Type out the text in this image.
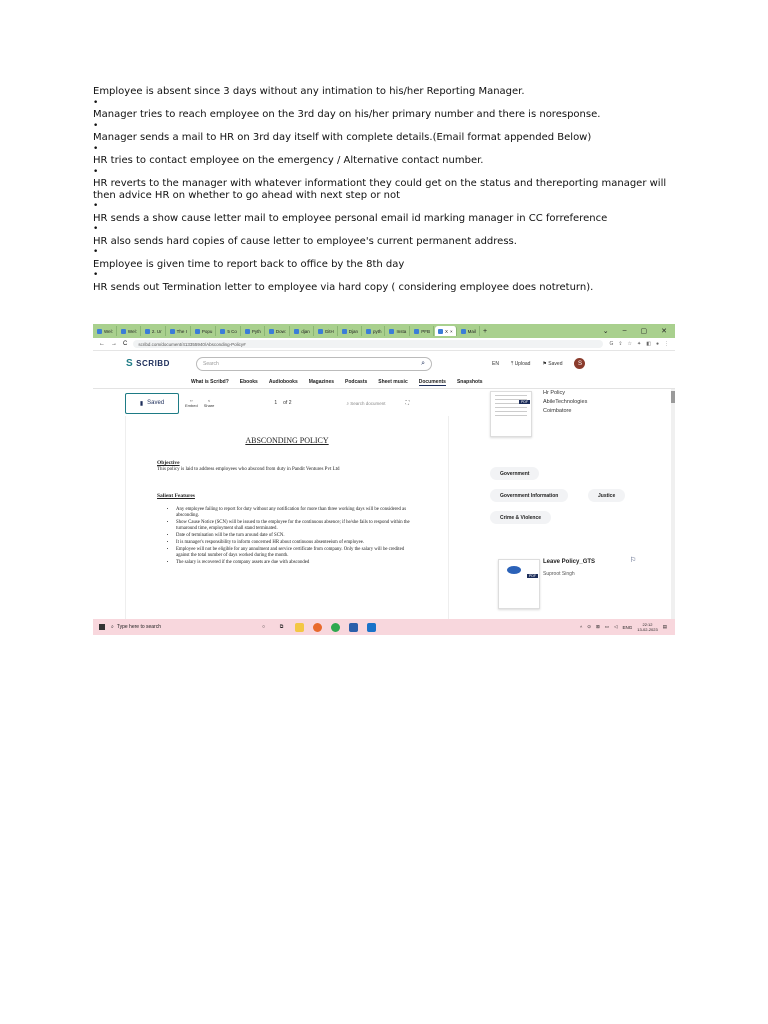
Employee is absent since 3 days without any intimation to his/her Reporting Manager.

•

Manager tries to reach employee on the 3rd day on his/her primary number and there is noresponse.

•

Manager sends a mail to HR on 3rd day itself with complete details.(Email format appended Below)

•

HR tries to contact employee on the emergency / Alternative contact number.

•

HR reverts to the manager with whatever informationt they could get on the status and thereporting manager will then advice HR on whether to go ahead with next step or not

•

HR sends a show cause letter mail to employee personal email id marking manager in CC forreference

•

HR also sends hard copies of cause letter to employee's current permanent address.

•

Employee is given time to report back to office by the 8th day

•

HR sends out Termination letter to employee via hard copy ( considering employee does notreturn).

Wel:	Wel:	2. Ur	The I	Popu	5 Co	Pyth	Dow:	djan	GitH	Djan	pyth	Insta	PFB	X ×	Mail +	⌄ – ▢ ✕
← → C scribd.com/document/413355940/Absconding-Policy#	G ⇪ ☆ ✦ ◧ ● ⋮
S SCRIBD	Search	⌕	EN ⤒ Upload ⚑ Saved	S
What is Scribd? Ebooks Audiobooks Magazines Podcasts Sheet music Documents Snapshots
▮ Saved	‹›
Embed
<
Share	1 of 2	⌕ Search document	⛶
ABSCONDING POLICY
Objective
This policy is laid to address employees who abscond from duty in Pandit Ventures Pvt Ltd
Salient Features
• Any employee failing to report for duty without any notification for more than three working days will be considered as absconding.
• Show Cause Notice (SCN) will be issued to the employee for the continuous absence; if he/she fails to respond within the turnaround time, employment shall stand terminated.
• Date of termination will be the turn around date of SCN.
• It is manager's responsibility to inform concerned HR about continuous absenteeism of employee.
• Employee will not be eligible for any annulment and service certificate from company. Only the salary will be credited against the total number of days worked during the month.
• The salary is recovered if the company assets are due with absconded
PDF
Hr Policy
AbileTechnologies
Coimbatore
Government
Government Information	Justice
Crime & Violence
PDF
Leave Policy_GTS
Suproot Singh
⚐
⌕ Type here to search	○	⧉	^ ⊙ ⊠ ▭ ◁ ENG	22:12
13-02-2023
▤
